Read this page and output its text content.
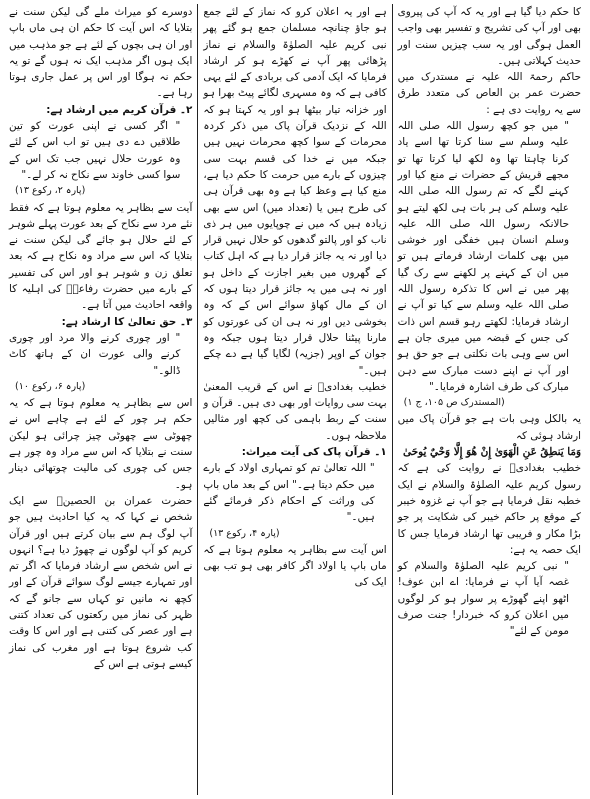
کا حکم دیا گیا ہے اور یہ کہ آپ کی پیروی بھی اور آپ کی تشریح و تفسیر بھی واجب العمل ہوگی اور یہ سب چیزیں سنت اور حدیث کہلاتی ہیں۔

حاکم رحمۃ اللہ علیہ نے مستدرک میں حضرت عمر بن العاص کی متعدد طرق سے یہ روایت دی ہے :

" میں جو کچھ رسول اللہ صلی اللہ علیہ وسلم سے سنا کرتا تھا اسے یاد کرنا چاہتا تھا وہ لکھ لیا کرتا تھا تو مجھے قریش کے حضرات نے منع کیا اور کہنے لگے کہ تم رسول اللہ صلی اللہ علیہ وسلم کی ہر بات ہی لکھ لیتے ہو حالانکہ رسول اللہ صلی اللہ علیہ وسلم انسان ہیں خفگی اور خوشی میں بھی کلمات ارشاد فرماتے ہیں تو میں ان کے کہنے پر لکھنے سے رک گیا پھر میں نے اس کا تذکرہ رسول اللہ صلی اللہ علیہ وسلم سے کیا تو آپ نے ارشاد فرمایا: لکھتے رہو قسم اس ذات کی جس کے قبضہ میں میری جان ہے اس سے وہی بات نکلتی ہے جو حق ہو اور آپ نے اپنے دست مبارک سے دہن مبارک کی طرف اشارہ فرمایا۔"

(المستدرک ص ۱۰۵، ج ۱)

یہ بالکل وہی بات ہے جو قرآن پاک میں ارشاد ہوئی کہ

وَمَا يَنطِقُ عَنِ الْهَوَىٰ إِنْ هُوَ إِلَّا وَحْيٌ يُوحَىٰ

خطیب بغدادیؒ نے روایت کی ہے کہ رسول کریم علیہ الصلوٰۃ والسلام نے ایک خطبہ نقل فرمایا ہے جو آپ نے غزوہ خیبر کے موقع پر حاکم خیبر کی شکایت پر جو بڑا مکار و فریبی تھا ارشاد فرمایا جس کا ایک حصہ یہ ہے:

" نبی کریم علیہ الصلوٰۃ والسلام کو غصہ آیا آپ نے فرمایا: اے ابن عوف! اٹھو اپنے گھوڑے پر سوار ہو کر لوگوں میں اعلان کرو کہ خبردار! جنت صرف مومن کے لئے"

ہے اور یہ اعلان کرو کہ نماز کے لئے جمع ہو جاؤ چنانچہ مسلمان جمع ہو گئے پھر نبی کریم علیہ الصلوٰۃ والسلام نے نماز پڑھائی پھر آپ نے کھڑے ہو کر ارشاد فرمایا کہ ایک آدمی کی بربادی کے لئے یہی کافی ہے کہ وہ مسہری لگائے پیٹ بھرا ہو اور خزانہ تیار بیٹھا ہو اور یہ کہتا ہو کہ اللہ کے نزدیک قرآن پاک میں ذکر کردہ محرمات کے سوا کچھ محرمات نہیں ہیں جبکہ میں نے خدا کی قسم بہت سی چیزوں کے بارے میں حرمت کا حکم دیا ہے، منع کیا ہے وعظ کیا ہے وہ بھی قرآن ہی کی طرح ہیں یا (تعداد میں) اس سے بھی زیادہ ہیں کہ میں نے چوپایوں میں ہر ذی ناب کو اور پالتو گدھوں کو حلال نہیں قرار دیا اور نہ یہ جائز قرار دیا ہے کہ اہل کتاب کے گھروں میں بغیر اجازت کے داخل ہو اور نہ ہی میں یہ جائز قرار دیتا ہوں کہ ان کے مال کھاؤ سوائے اس کے کہ وہ بخوشی دیں اور نہ ہی ان کی عورتوں کو مارنا پیٹنا حلال قرار دیتا ہوں جبکہ وہ جوان کے اوپر (جزیہ) لگایا گیا ہے دے چکے ہیں۔"

خطیب بغدادیؒ نے اس کے قریب المعنیٰ بہت سی روایات اور بھی دی ہیں۔ قرآن و سنت کے ربط باہمی کی کچھ اور مثالیں ملاحظہ ہوں۔

۱۔ قرآن پاک کی آیت میراث:

" اللہ تعالیٰ تم کو تمہاری اولاد کے بارے میں حکم دیتا ہے۔" اس کے بعد ماں باپ کی وراثت کے احکام ذکر فرمائے گئے ہیں۔"

(پارہ ۴، رکوع ۱۳)

اس آیت سے بظاہر یہ معلوم ہوتا ہے کہ ماں باپ یا اولاد اگر کافر بھی ہو تب بھی ایک کی

دوسرے کو میراث ملے گی لیکن سنت نے بتلایا کہ اس آیت کا حکم ان ہی ماں باپ اور ان ہی بچوں کے لئے ہے جو مذہب میں ایک ہوں اگر مذہب ایک نہ ہوں گے تو یہ حکم نہ ہوگا اور اس پر عمل جاری ہوتا رہا ہے۔

۲۔ قرآن کریم میں ارشاد ہے:

" اگر کسی نے اپنی عورت کو تین طلاقیں دے دی ہیں تو اب اس کے لئے وہ عورت حلال نہیں جب تک اس کے سوا کسی خاوند سے نکاح نہ کر لے۔"

(پارہ ۲، رکوع ۱۳)

آیت سے بظاہر یہ معلوم ہوتا ہے کہ فقط نئے مرد سے نکاح کے بعد عورت پہلے شوہر کے لئے حلال ہو جائے گی لیکن سنت نے بتلایا کہ اس سے مراد وہ نکاح ہے کہ بعد تعلق زن و شوہر ہو اور اس کی تفسیر کے بارے میں حضرت رفاعہؓ کی اہلیہ کا واقعہ احادیث میں آتا ہے۔

۳۔ حق تعالیٰ کا ارشاد ہے:

" اور چوری کرنے والا مرد اور چوری کرنے والی عورت ان کے ہاتھ کاٹ ڈالو۔"

(پارہ ۶، رکوع ۱۰)

اس سے بظاہر یہ معلوم ہوتا ہے کہ یہ حکم ہر چور کے لئے ہے چاہے اس نے چھوٹی سے چھوٹی چیز چرائی ہو لیکن سنت نے بتلایا کہ اس سے مراد وہ چور ہے جس کی چوری کی مالیت چوتھائی دینار ہو۔

حضرت عمران بن الحصینؓ سے ایک شخص نے کہا کہ یہ کیا احادیث ہیں جو آپ لوگ ہم سے بیان کرتے ہیں اور قرآن کریم کو آپ لوگوں نے چھوڑ دیا ہے؟ انہوں نے اس شخص سے ارشاد فرمایا کہ اگر تم اور تمہارے جیسے لوگ سوائے قرآن کے اور کچھ نہ مانیں تو کہاں سے جانو گے کہ ظہر کی نماز میں رکعتوں کی تعداد کتنی ہے اور عصر کی کتنی ہے اور اس کا وقت کب شروع ہوتا ہے اور مغرب کی نماز کیسے ہوتی ہے اس کے
